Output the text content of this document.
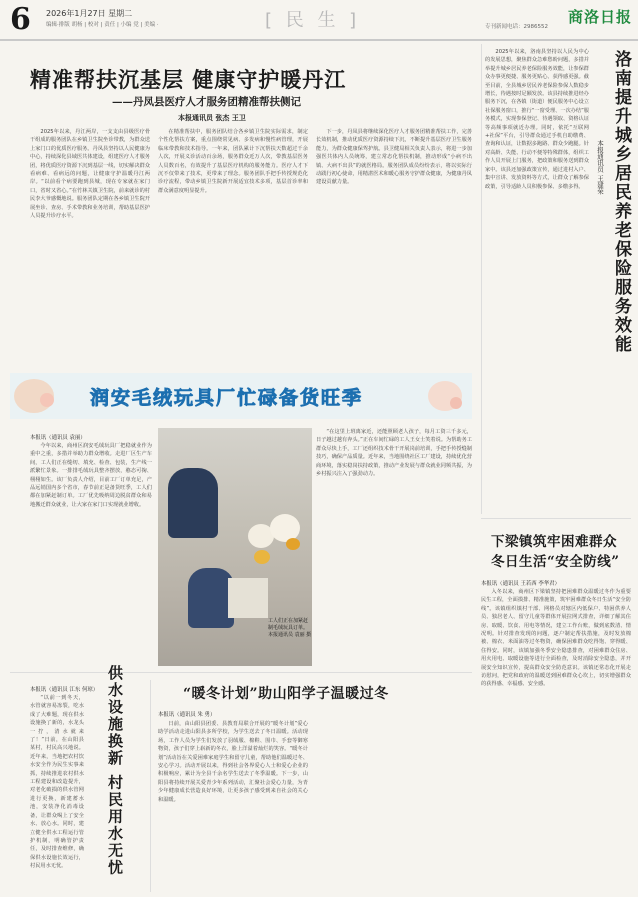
6 2026年1月27日 星期二
编辑·排版 胡杨 | 校对 | 责任 | 小编 党 | 美编 ·	[ 民 生 ]	专刊新闻电话：2986552
商洛日报
精准帮扶沉基层 健康守护暖丹江
——丹凤县医疗人才服务团精准帮扶侧记
本报通讯员 张杰 王卫

2025年以来，丹江两岸，一支支由县级医疗骨干组成的服务团队在乡镇卫生院坐诊带教，为群众送上家门口的优质医疗服务。丹凤县坚持以人民健康为中心，持续深化县域医共体建设，组建医疗人才服务团，将优质医疗资源下沉到基层一线，切实解决群众看病难、看病远的问题，让健康守护温暖丹江两岸。“以前看个病要跑到县城，现在专家就在家门口，省时又省心。”在竹林关镇卫生院，前来就诊的村民李大爷感慨地说。服务团队定期在各乡镇卫生院开展坐诊、查房、手术带教和业务培训，帮助基层医护人员提升诊疗水平。

在精准帮扶中，服务团队结合各乡镇卫生院实际需求，制定个性化帮扶方案，重点围绕常见病、多发病和慢性病管理，开展临床带教和技术指导。一年来，团队累计下沉帮扶天数超过千余人次，开展义诊活动百余场，服务群众近万人次，带教基层医务人员数百名，有效提升了基层医疗机构的服务能力。医疗人才下沉不仅带来了技术，更带来了理念。服务团队手把手传授规范化诊疗流程，带动乡镇卫生院新开展适宜技术多项，基层首诊率和群众满意度明显提升。

下一步，丹凤县将继续深化医疗人才服务团精准帮扶工作，完善长效机制，推动优质医疗资源持续下沉，不断提升基层医疗卫生服务能力，为群众健康保驾护航。县卫健局相关负责人表示，将进一步加强医共体内人员统筹，建立常态化帮扶机制，推动形成“小病不出镇、大病不出县”的就医格局。服务团队成员纷纷表示，将以实际行动践行初心使命，用精湛医术和暖心服务守护群众健康，为健康丹凤建设贡献力量。	洛南提升城乡居民养老保险服务效能
本报通讯员 王建荣

2025年以来，洛南县坚持以人民为中心的发展思想，聚焦群众急难愁盼问题，多措并举提升城乡居民养老保险服务效能，让参保群众办事更便捷、服务更贴心、获得感更强。截至目前，全县城乡居民养老保险参保人数稳步增长，待遇按时足额发放。该县持续推进经办服务下沉，在各镇（街道）便民服务中心设立社保服务窗口，推行“一窗受理、一次办结”服务模式，实现参保登记、待遇领取、资格认证等高频事项就近办理。同时，依托“互联网+社保”平台，引导群众通过手机自助缴费、查询和认证，让数据多跑路、群众少跑腿。针对高龄、失能、行动不便等特殊群体，组织工作人员开展上门服务，把政策和服务送到群众家中。该县还加强政策宣传，通过进村入户、集中宣讲、发放资料等方式，让群众了解参保政策，引导适龄人员积极参保、多缴多得。

润安毛绒玩具厂忙碌备货旺季
本报讯（通讯员 袁丽）

今年以来，商州区润安毛绒玩具厂把稳就业作为重中之重，多措并举助力群众增收。走进厂区生产车间，工人们正在缝纫、填充、检查、包装，生产线一派繁忙景象。一排排毛绒玩具整齐摆放，憨态可掬、栩栩如生。该厂负责人介绍，目前工厂订单充足，产品远销国内多个省市，春节前正是备货旺季，工人们都在加紧赶制订单。工厂优先吸纳周边脱贫群众和易地搬迁群众就业，让大家在家门口实现就业增收。

工人们正在加紧赶制毛绒玩具订单。本报通讯员 袁丽 摄

“在这里上班离家近，还能照顾老人孩子，每月工资三千多元，日子越过越有奔头。”正在车间忙碌的工人王女士笑着说。为帮助务工群众尽快上手，工厂还组织技术骨干开展岗前培训，手把手传授缝制技巧，确保产品质量。近年来，当地围绕社区工厂建设，持续优化营商环境，落实稳岗扶持政策，推动产业发展与群众就业同频共振，为乡村振兴注入了强劲动力。

下梁镇筑牢困难群众
冬日生活“安全防线”
本报讯（通讯员 王若西 李华君）

入冬以来，商州区下梁镇坚持把困难群众温暖过冬作为重要民生工程，全面摸排、精准施策，筑牢困难群众冬日生活“安全防线”。该镇组织镇村干部、网格员对辖区内低保户、特困供养人员、独居老人、留守儿童等群体开展拉网式排查，详细了解其住房、取暖、饮食、用电等情况，建立工作台账，做到底数清、情况明。针对排查发现的问题，逐户制定帮扶措施，及时发放棉被、棉衣、米面油等过冬物资，确保困难群众吃得饱、穿得暖、住得安。同时，该镇加强冬季安全隐患排查，对困难群众住房、用火用电、取暖设施等进行全面检查，及时消除安全隐患，并开展安全知识宣传，提高群众安全防范意识。该镇还常态化开展走访慰问，把党和政府的温暖送到困难群众心坎上，切实增强群众的获得感、幸福感、安全感。

供水设施换新 村民用水无忧
本报讯（通讯员 江东 何琼）

“以前一到冬天，水管就容易冻裂，吃水成了大难题，现在供水设施换了新的，水龙头一拧，清水就来了！”日前，在山阳县某村，村民高兴地说。近年来，当地把农村饮水安全作为民生实事来抓，持续推进农村供水工程建设和改造提升，对老化破损的供水管网进行更换，新建蓄水池，安装净化消毒设备，让群众喝上了安全水、放心水。同时，建立健全供水工程运行管护机制，明确管护责任，及时排查维修，确保供水设施长效运行，村民用水无忧。

“暖冬计划”助山阳学子温暖过冬
本报讯（通讯员 朱 勇）

日前，由山阳县团委、县教育局联合开展的“暖冬计划”爱心助学活动走进山阳县多所学校，为学生送去了冬日温暖。活动现场，工作人员为学生们发放了羽绒服、棉鞋、围巾、手套等御寒物资，孩子们穿上崭新的冬衣，脸上洋溢着灿烂的笑容。“暖冬计划”活动旨在关爱困难家庭学生和留守儿童，帮助他们温暖过冬、安心学习。活动开展以来，得到社会各界爱心人士和爱心企业的积极响应，累计为全县千余名学生送去了冬季温暖。下一步，山阳县将持续开展关爱青少年系列活动，汇聚社会爱心力量，为青少年健康成长营造良好环境，让更多孩子感受到来自社会的关心和温暖。
